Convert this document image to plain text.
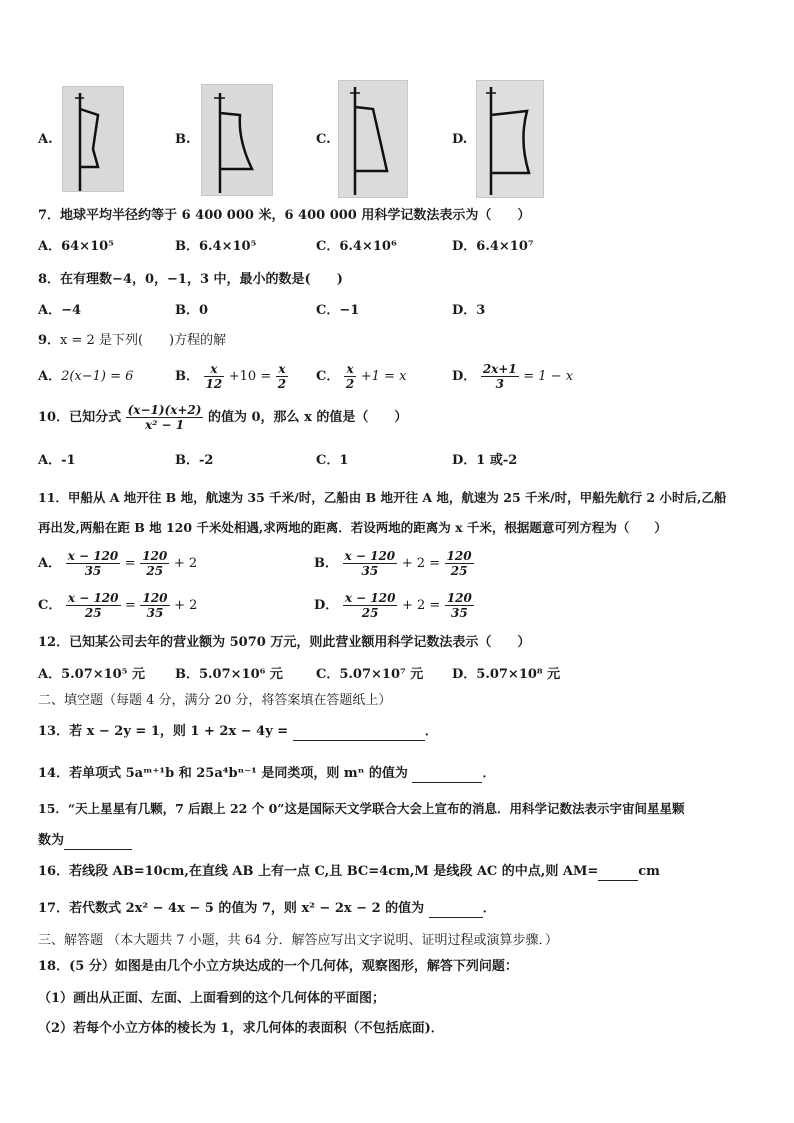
A.	B.	C.	D.
7．地球平均半径约等于 6 400 000 米，6 400 000 用科学记数法表示为（　　）
A．64×10⁵	B．6.4×10⁵	C．6.4×10⁶	D．6.4×10⁷
8．在有理数−4，0，−1，3 中，最小的数是(　　)
A．−4	B．0	C．−1	D．3
9．x = 2 是下列(　　)方程的解
A．2(x−1) = 6	B． $\frac{x}{12} +10 = \frac{x}{2}$ C． $\frac{x}{2} +1 = x$	D． $\frac{2x+1}{3} = 1 - x$
10．已知分式 $\frac{(x-1)(x+2)}{\text{x² − 1}}$ 的值为 0，那么 x 的值是（　　）
A．-1	B．-2	C．1	D．1 或-2
11．甲船从 A 地开往 B 地，航速为 35 千米/时，乙船由 B 地开往 A 地，航速为 25 千米/时，甲船先航行 2 小时后,乙船
再出发,两船在距 B 地 120 千米处相遇,求两地的距离．若设两地的距离为 x 千米，根据题意可列方程为（　　）
A． $\frac{x - 120}{35} = \frac{120}{25} + 2$	B． $\frac{x - 120}{35} + 2 = \frac{120}{25}$
C． $\frac{x - 120}{25} = \frac{120}{35} + 2$	D． $\frac{x - 120}{25} + 2 = \frac{120}{35}$
12．已知某公司去年的营业额为 5070 万元，则此营业额用科学记数法表示（　　）
A．5.07×10⁵ 元 B．5.07×10⁶ 元	C．5.07×10⁷ 元 D．5.07×10⁸ 元
二、填空题（每题 4 分，满分 20 分，将答案填在答题纸上）
13．若 x − 2y = 1，则 1 + 2x − 4y =	．
14．若单项式 5aᵐ⁺¹b 和 25a⁴bⁿ⁻¹ 是同类项，则 mⁿ 的值为	．
15．“天上星星有几颗，7 后跟上 22 个 0”这是国际天文学联合大会上宣布的消息．用科学记数法表示宇宙间星星颗
数为
16．若线段 AB=10cm,在直线 AB 上有一点 C,且 BC=4cm,M 是线段 AC 的中点,则 AM=	cm
17．若代数式 2x² − 4x − 5 的值为 7，则 x² − 2x − 2 的值为	．
三、解答题 （本大题共 7 小题，共 64 分．解答应写出文字说明、证明过程或演算步骤．）
18．(5 分）如图是由几个小立方块达成的一个几何体，观察图形，解答下列问题：
（1）画出从正面、左面、上面看到的这个几何体的平面图；
（2）若每个小立方体的棱长为 1，求几何体的表面积（不包括底面)．
